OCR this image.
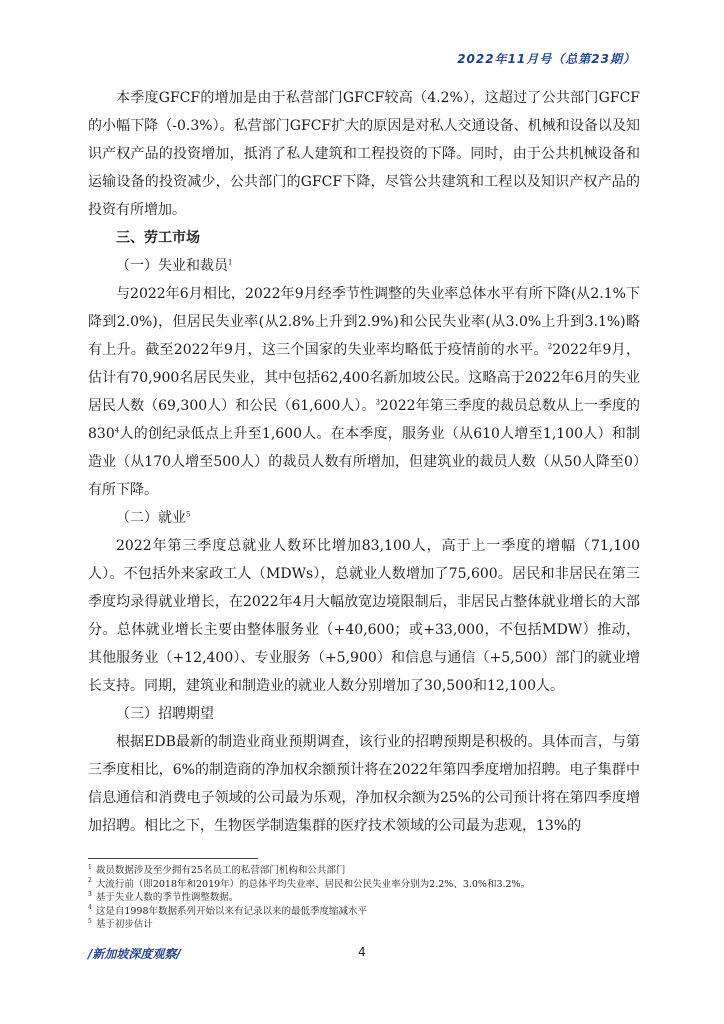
2022年11月号（总第23期）

本季度GFCF的增加是由于私营部门GFCF较高（4.2%），这超过了公共部门GFCF的小幅下降（-0.3%）。私营部门GFCF扩大的原因是对私人交通设备、机械和设备以及知识产权产品的投资增加，抵消了私人建筑和工程投资的下降。同时，由于公共机械设备和运输设备的投资减少，公共部门的GFCF下降，尽管公共建筑和工程以及知识产权产品的投资有所增加。

三、劳工市场

（一）失业和裁员$^1$

与2022年6月相比，2022年9月经季节性调整的失业率总体水平有所下降(从2.1%下降到2.0%)，但居民失业率(从2.8%上升到2.9%)和公民失业率(从3.0%上升到3.1%)略有上升。截至2022年9月，这三个国家的失业率均略低于疫情前的水平。$^2$2022年9月，估计有70,900名居民失业，其中包括62,400名新加坡公民。这略高于2022年6月的失业居民人数（69,300人）和公民（61,600人）。$^3$2022年第三季度的裁员总数从上一季度的$830^4$人的创纪录低点上升至1,600人。在本季度，服务业（从610人增至1,100人）和制造业（从170人增至500人）的裁员人数有所增加，但建筑业的裁员人数（从50人降至0）有所下降。

（二）就业$^5$

2022年第三季度总就业人数环比增加83,100人，高于上一季度的增幅（71,100人）。不包括外来家政工人（MDWs），总就业人数增加了75,600。居民和非居民在第三季度均录得就业增长，在2022年4月大幅放宽边境限制后，非居民占整体就业增长的大部分。总体就业增长主要由整体服务业（+40,600；或+33,000，不包括MDW）推动，其他服务业（+12,400）、专业服务（+5,900）和信息与通信（+5,500）部门的就业增长支持。同期，建筑业和制造业的就业人数分别增加了30,500和12,100人。

（三）招聘期望

根据EDB最新的制造业商业预期调查，该行业的招聘预期是积极的。具体而言，与第三季度相比，6%的制造商的净加权余额预计将在2022年第四季度增加招聘。电子集群中信息通信和消费电子领域的公司最为乐观，净加权余额为25%的公司预计将在第四季度增加招聘。相比之下，生物医学制造集群的医疗技术领域的公司最为悲观，13%的

$^1$ 裁员数据涉及至少拥有25名员工的私营部门机构和公共部门
$^2$ 大流行前（即2018年和2019年）的总体平均失业率、居民和公民失业率分别为2.2%、3.0%和3.2%。
$^3$ 基于失业人数的季节性调整数据。
$^4$ 这是自1998年数据系列开始以来有记录以来的最低季度缩减水平
$^5$ 基于初步估计
/新加坡深度观察/	4
